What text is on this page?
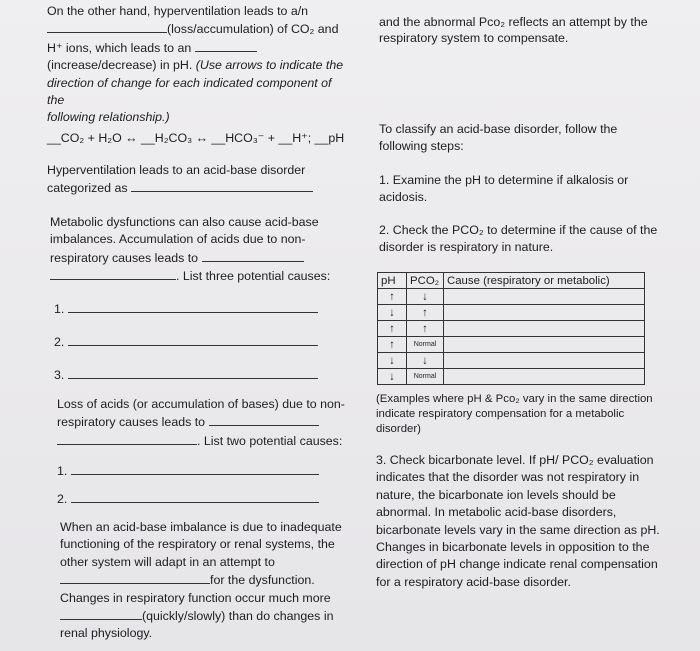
On the other hand, hyperventilation leads to a/n
(loss/accumulation) of CO₂ and
H⁺ ions, which leads to an
(increase/decrease) in pH. (Use arrows to indicate the
direction of change for each indicated component of the
following relationship.)
__CO₂ + H₂O ↔ __H₂CO₃ ↔ __HCO₃⁻ + __H⁺; __pH
Hyperventilation leads to an acid-base disorder
categorized as
Metabolic dysfunctions can also cause acid-base
imbalances. Accumulation of acids due to non-
respiratory causes leads to
. List three potential causes:
1.
2.
3.
Loss of acids (or accumulation of bases) due to non-
respiratory causes leads to
. List two potential causes:
1.
2.
When an acid-base imbalance is due to inadequate
functioning of the respiratory or renal systems, the
other system will adapt in an attempt to
for the dysfunction.
Changes in respiratory function occur much more
(quickly/slowly) than do changes in
renal physiology.
and the abnormal Pco₂ reflects an attempt by the
respiratory system to compensate.
To classify an acid-base disorder, follow the
following steps:
1. Examine the pH to determine if alkalosis or
acidosis.
2. Check the PCO₂ to determine if the cause of the
disorder is respiratory in nature.
pH	PCO₂	Cause (respiratory or metabolic)
↑	↓	
↓	↑	
↑	↑	
↑	Normal	
↓	↓	
↓	Normal	
(Examples where pH & Pco₂ vary in the same direction
indicate respiratory compensation for a metabolic
disorder)
3. Check bicarbonate level. If pH/ PCO₂ evaluation
indicates that the disorder was not respiratory in
nature, the bicarbonate ion levels should be
abnormal. In metabolic acid-base disorders,
bicarbonate levels vary in the same direction as pH.
Changes in bicarbonate levels in opposition to the
direction of pH change indicate renal compensation
for a respiratory acid-base disorder.
